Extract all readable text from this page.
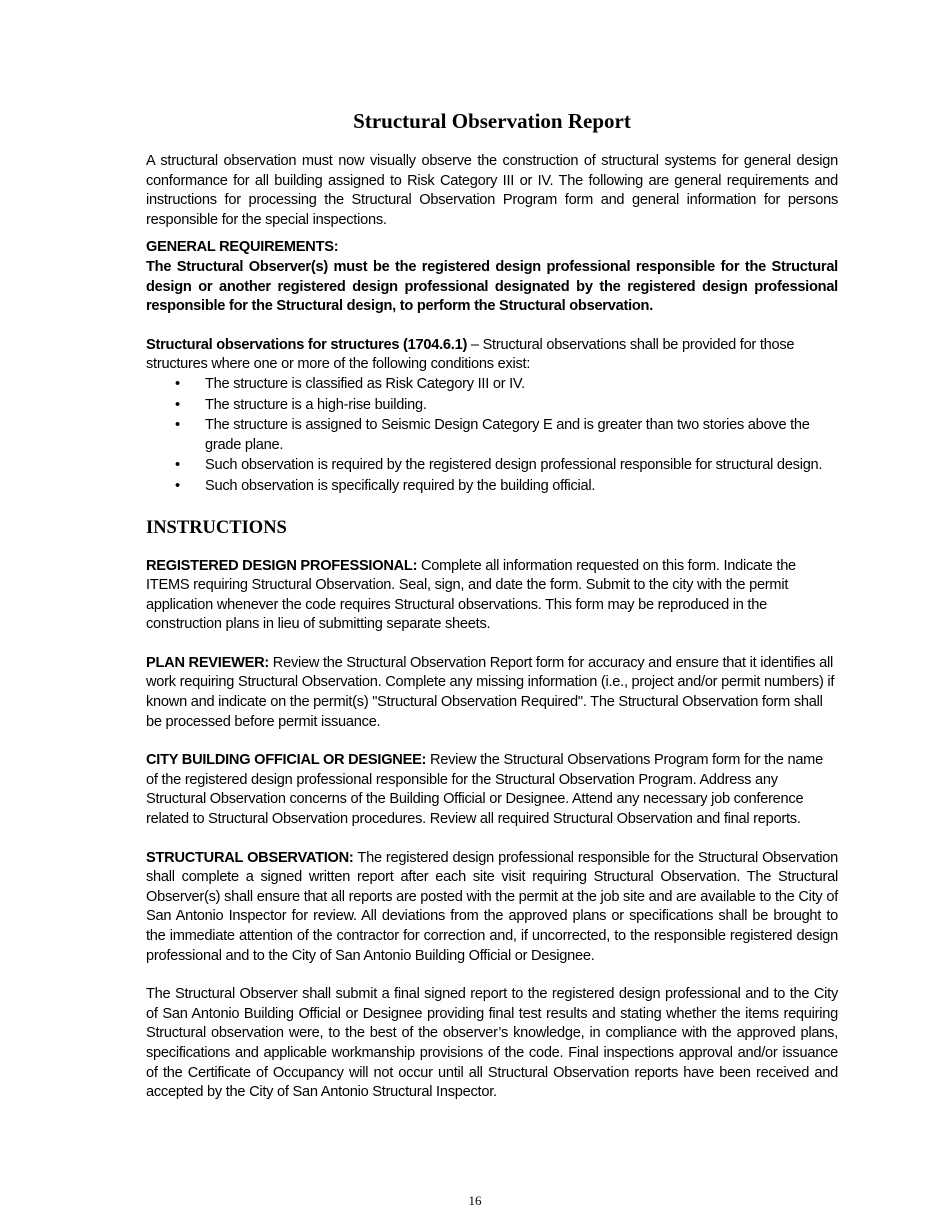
Structural Observation Report

A structural observation must now visually observe the construction of structural systems for general design conformance for all building assigned to Risk Category III or IV. The following are general requirements and instructions for processing the Structural Observation Program form and general information for persons responsible for the special inspections.

GENERAL REQUIREMENTS:

The Structural Observer(s) must be the registered design professional responsible for the Structural design or another registered design professional designated by the registered design professional responsible for the Structural design, to perform the Structural observation.

Structural observations for structures (1704.6.1) – Structural observations shall be provided for those structures where one or more of the following conditions exist:

• The structure is classified as Risk Category III or IV.
• The structure is a high-rise building.
• The structure is assigned to Seismic Design Category E and is greater than two stories above the grade plane.
• Such observation is required by the registered design professional responsible for structural design.
• Such observation is specifically required by the building official.
INSTRUCTIONS

REGISTERED DESIGN PROFESSIONAL: Complete all information requested on this form. Indicate the ITEMS requiring Structural Observation. Seal, sign, and date the form. Submit to the city with the permit application whenever the code requires Structural observations. This form may be reproduced in the construction plans in lieu of submitting separate sheets.

PLAN REVIEWER: Review the Structural Observation Report form for accuracy and ensure that it identifies all work requiring Structural Observation. Complete any missing information (i.e., project and/or permit numbers) if known and indicate on the permit(s) "Structural Observation Required". The Structural Observation form shall be processed before permit issuance.

CITY BUILDING OFFICIAL OR DESIGNEE: Review the Structural Observations Program form for the name of the registered design professional responsible for the Structural Observation Program. Address any Structural Observation concerns of the Building Official or Designee. Attend any necessary job conference related to Structural Observation procedures. Review all required Structural Observation and final reports.

STRUCTURAL OBSERVATION: The registered design professional responsible for the Structural Observation shall complete a signed written report after each site visit requiring Structural Observation. The Structural Observer(s) shall ensure that all reports are posted with the permit at the job site and are available to the City of San Antonio Inspector for review. All deviations from the approved plans or specifications shall be brought to the immediate attention of the contractor for correction and, if uncorrected, to the responsible registered design professional and to the City of San Antonio Building Official or Designee.

The Structural Observer shall submit a final signed report to the registered design professional and to the City of San Antonio Building Official or Designee providing final test results and stating whether the items requiring Structural observation were, to the best of the observer’s knowledge, in compliance with the approved plans, specifications and applicable workmanship provisions of the code. Final inspections approval and/or issuance of the Certificate of Occupancy will not occur until all Structural Observation reports have been received and accepted by the City of San Antonio Structural Inspector.

16
